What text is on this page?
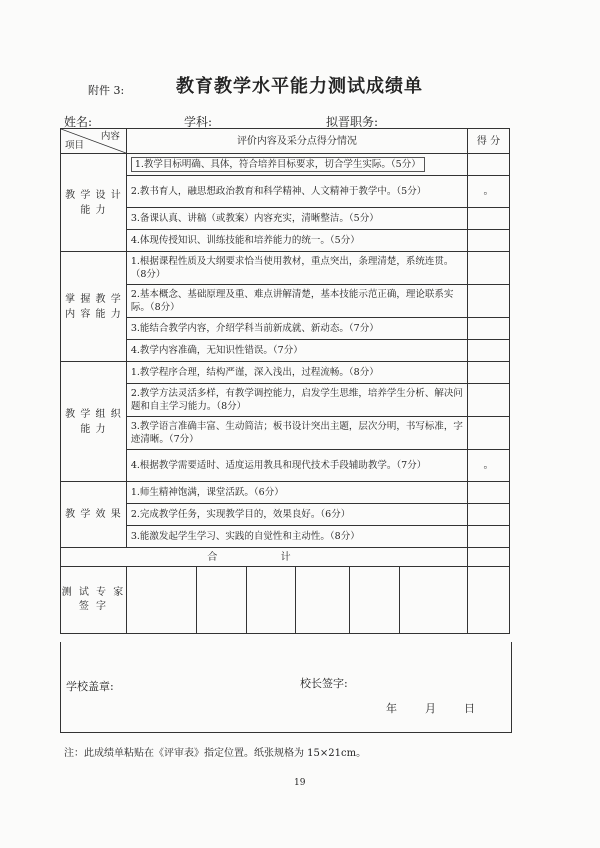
附件 3:	教育教学水平能力测试成绩单
姓名:	学科:	拟晋职务:
内容
项目	评价内容及采分点得分情况						得 分
教 学 设 计 能 力	1.教学目标明确、具体，符合培养目标要求，切合学生实际。（5分）						
	2.教书育人，融思想政治教育和科学精神、人文精神于教学中。（5分）						。
	3.备课认真、讲稿（或教案）内容充实，清晰整洁。（5分）						
	4.体现传授知识、训练技能和培养能力的统一。（5分）						
掌 握 教 学 内 容 能 力	1.根据课程性质及大纲要求恰当使用教材，重点突出，条理清楚，系统连贯。（8分）						
	2.基本概念、基础原理及重、难点讲解清楚，基本技能示范正确，理论联系实际。（8分）						
	3.能结合教学内容，介绍学科当前新成就、新动态。（7分）						
	4.教学内容准确，无知识性错误。（7分）						
教 学 组 织 能 力	1.教学程序合理，结构严谨，深入浅出，过程流畅。（8分）						
	2.教学方法灵活多样，有教学调控能力，启发学生思维，培养学生分析、解决问题和自主学习能力。（8分）						
	3.教学语言准确丰富、生动简洁；板书设计突出主题，层次分明，书写标准，字迹清晰。（7分）						
	4.根据教学需要适时、适度运用教具和现代技术手段辅助教学。（7分）						。
教 学 效 果	1.师生精神饱满，课堂活跃。（6分）						
	2.完成教学任务，实现教学目的，效果良好。（6分）						
	3.能激发起学生学习、实践的自觉性和主动性。（8分）						
合 计							
测 试 专 家 签 字							
学校盖章:	校长签字:
年　　月　　日
注：此成绩单粘贴在《评审表》指定位置。纸张规格为 15×21cm。
19
